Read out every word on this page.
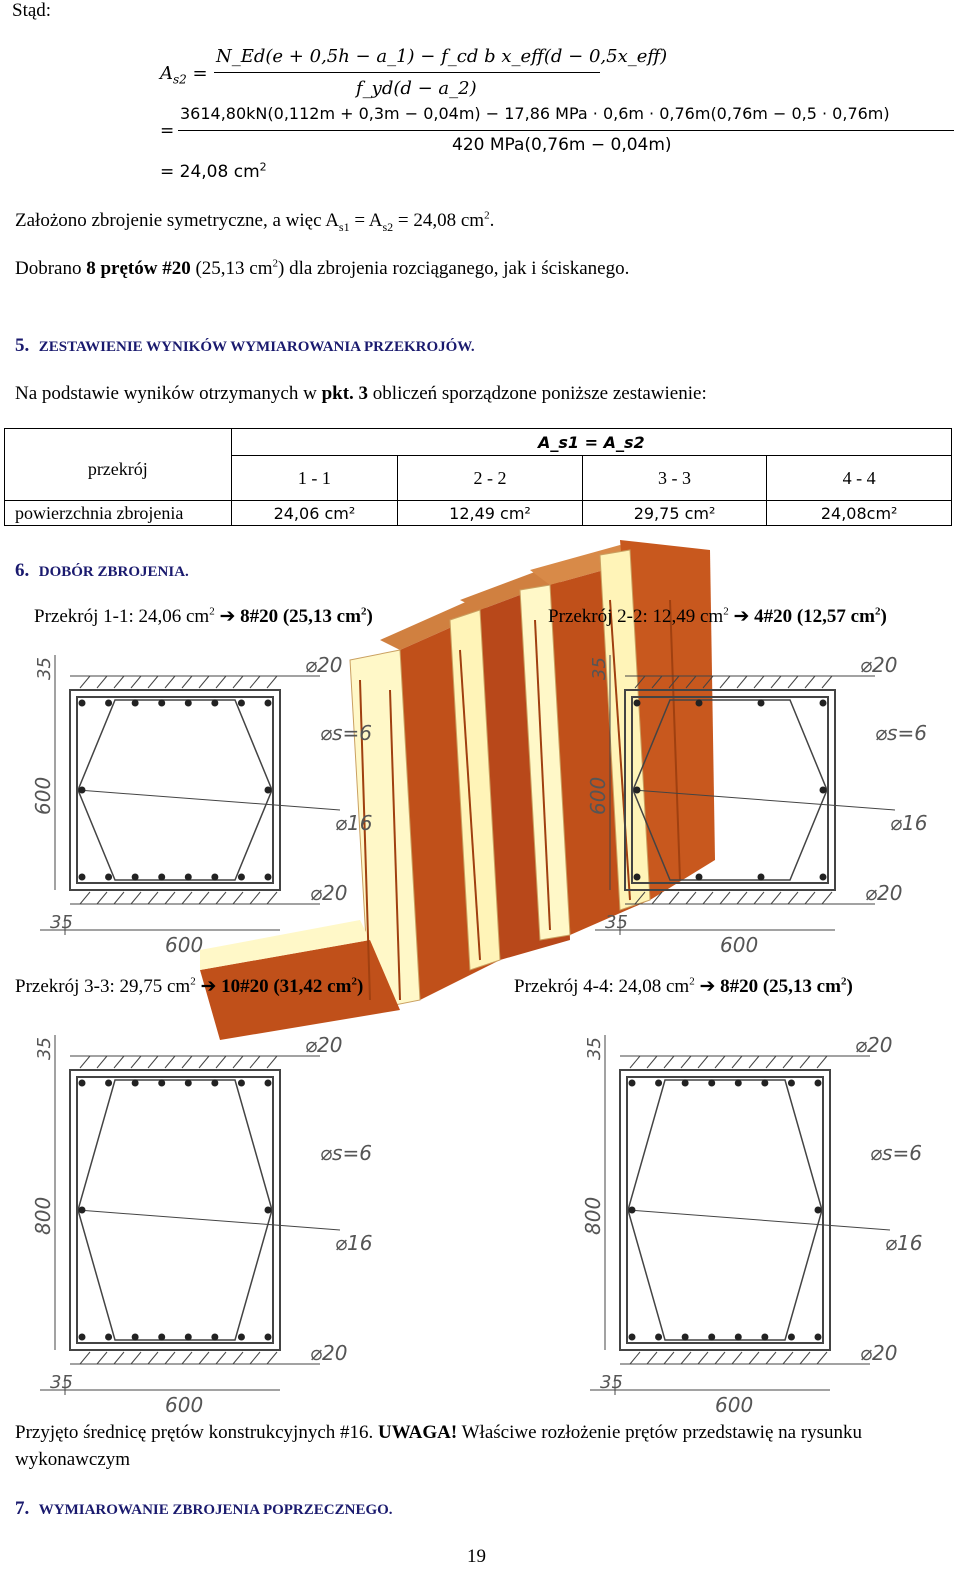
Stąd:
$A_{s2}$ =
N_Ed(e + 0,5h − a_1) − f_cd b x_eff(d − 0,5x_eff)
f_yd(d − a_2)
=
3614,80kN(0,112m + 0,3m − 0,04m) − 17,86 MPa · 0,6m · 0,76m(0,76m − 0,5 · 0,76m)
420 MPa(0,76m − 0,04m)
= 24,08 $cm^2$
Założono zbrojenie symetryczne, a więc $A_{s1} = A_{s2} = 24,08$ $cm^2$.
Dobrano 8 prętów #20 (25,13 $cm^2$) dla zbrojenia rozciąganego, jak i ściskanego.
5. ZESTAWIENIE WYNIKÓW WYMIAROWANIA PRZEKROJÓW.
Na podstawie wyników otrzymanych w pkt. 3 obliczeń sporządzone poniższe zestawienie:
przekrój	A_s1 = A_s2			
	1 - 1	2 - 2	3 - 3	4 - 4
powierzchnia zbrojenia	24,06 cm²	12,49 cm²	29,75 cm²	24,08cm²
6. DOBÓR ZBROJENIA.
Przekrój 1-1: 24,06 $cm^2$ ➔ 8#20 (25,13 $cm^2$)	Przekrój 2-2: 12,49 $cm^2$ ➔ 4#20 (12,57 $cm^2$)
35
600
⌀20
⌀s=6
⌀16
⌀20
35
600
35
600
⌀20
⌀s=6
⌀16
⌀20
35
600
Przekrój 3-3: 29,75 $cm^2$ ➔ 10#20 (31,42 $cm^2$)	Przekrój 4-4: 24,08 $cm^2$ ➔ 8#20 (25,13 $cm^2$)
35
800
⌀20
⌀s=6
⌀16
⌀20
35
600
35
800
⌀20
⌀s=6
⌀16
⌀20
35
600
Przyjęto średnicę prętów konstrukcyjnych #16. UWAGA! Właściwe rozłożenie prętów przedstawię na rysunku
wykonawczym
7. WYMIAROWANIE ZBROJENIA POPRZECZNEGO.
19
